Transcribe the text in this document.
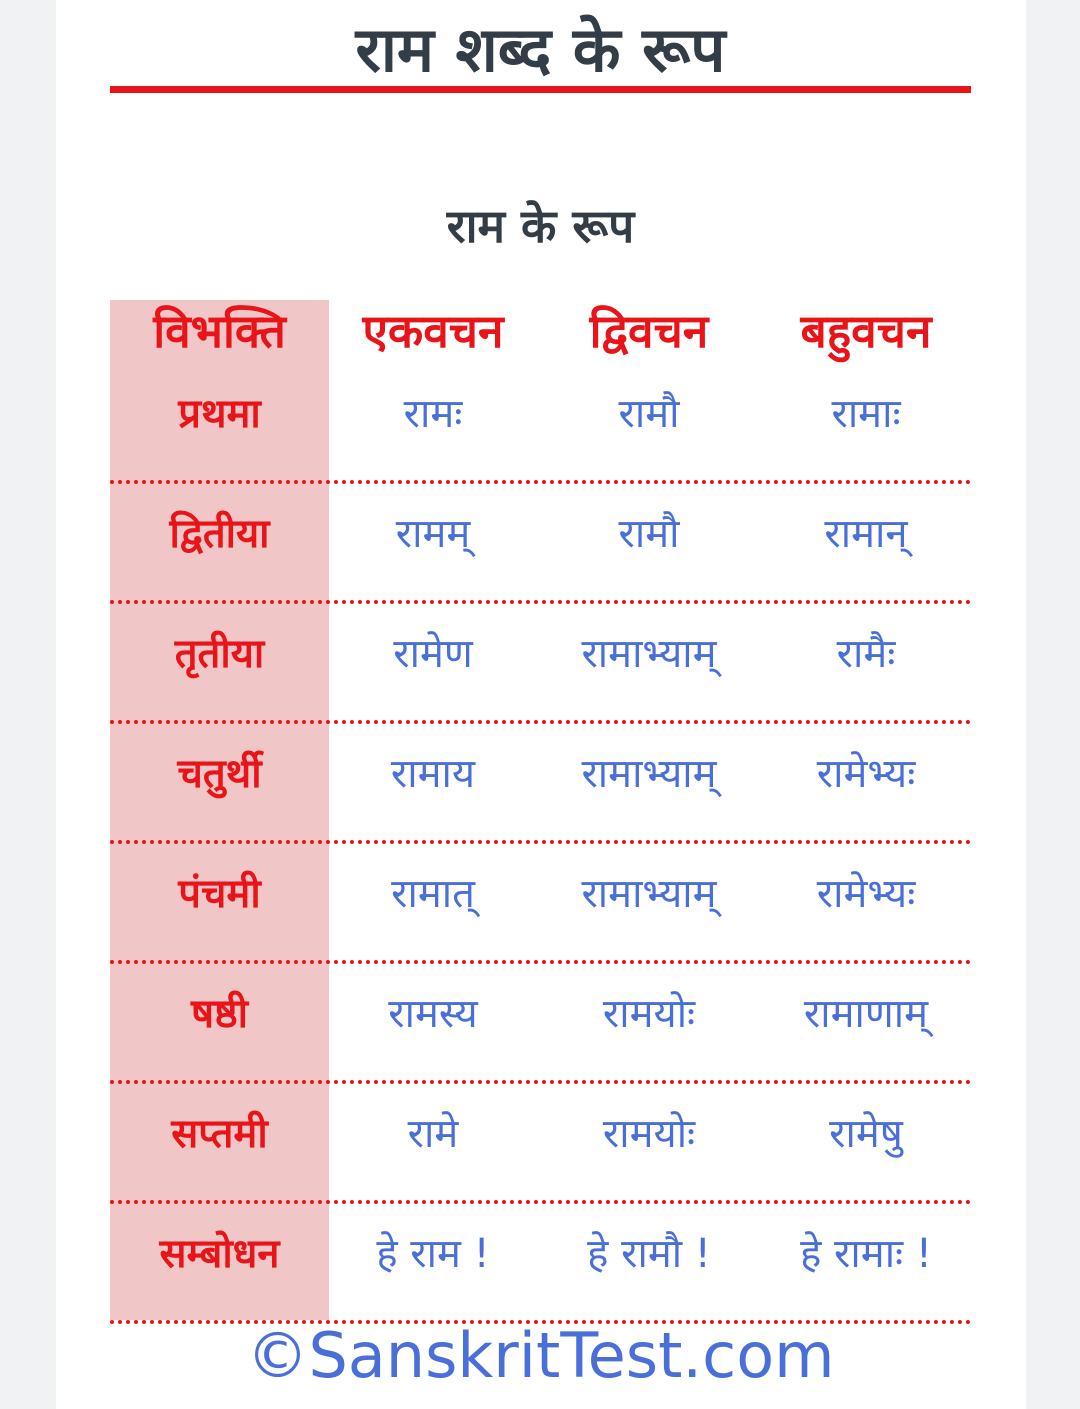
राम शब्द के रूप
राम के रूप
विभक्ति	एकवचन	द्विवचन	बहुवचन
प्रथमा	रामः	रामौ	रामाः
द्वितीया	रामम्	रामौ	रामान्
तृतीया	रामेण	रामाभ्याम्	रामैः
चतुर्थी	रामाय	रामाभ्याम्	रामेभ्यः
पंचमी	रामात्	रामाभ्याम्	रामेभ्यः
षष्ठी	रामस्य	रामयोः	रामाणाम्
सप्तमी	रामे	रामयोः	रामेषु
सम्बोधन	हे राम !	हे रामौ !	हे रामाः !
©SanskritTest.com
